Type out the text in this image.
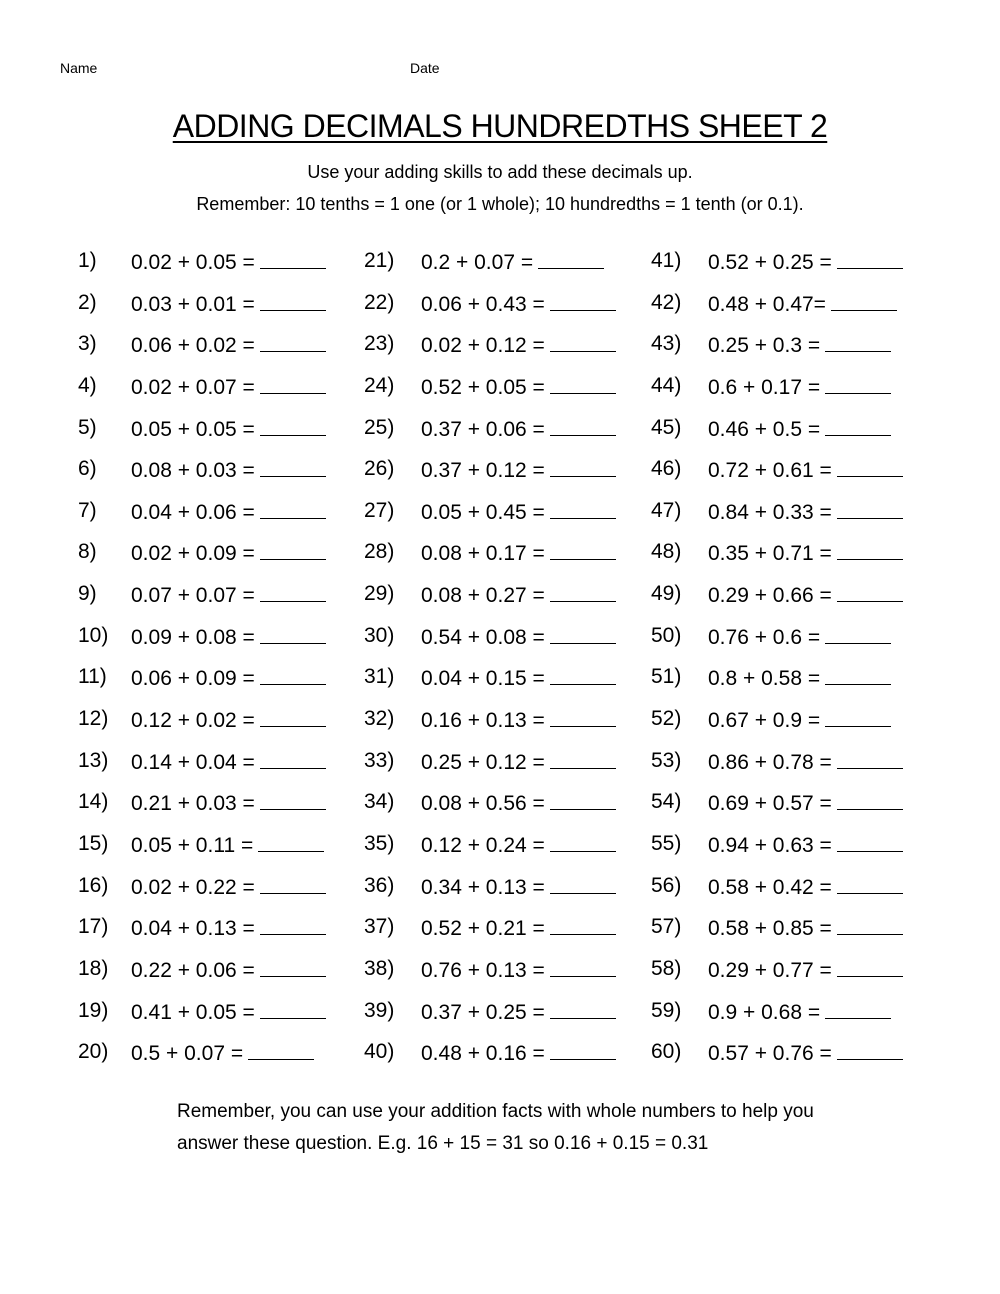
Name	Date
ADDING DECIMALS HUNDREDTHS SHEET 2
Use your adding skills to add these decimals up.
Remember: 10 tenths = 1 one (or 1 whole); 10 hundredths = 1 tenth (or 0.1).
1) 0.02 + 0.05 =
2) 0.03 + 0.01 =
3) 0.06 + 0.02 =
4) 0.02 + 0.07 =
5) 0.05 + 0.05 =
6) 0.08 + 0.03 =
7) 0.04 + 0.06 =
8) 0.02 + 0.09 =
9) 0.07 + 0.07 =
10) 0.09 + 0.08 =
11) 0.06 + 0.09 =
12) 0.12 + 0.02 =
13) 0.14 + 0.04 =
14) 0.21 + 0.03 =
15) 0.05 + 0.11 =
16) 0.02 + 0.22 =
17) 0.04 + 0.13 =
18) 0.22 + 0.06 =
19) 0.41 + 0.05 =
20) 0.5 + 0.07 =
21) 0.2 + 0.07 =
22) 0.06 + 0.43 =
23) 0.02 + 0.12 =
24) 0.52 + 0.05 =
25) 0.37 + 0.06 =
26) 0.37 + 0.12 =
27) 0.05 + 0.45 =
28) 0.08 + 0.17 =
29) 0.08 + 0.27 =
30) 0.54 + 0.08 =
31) 0.04 + 0.15 =
32) 0.16 + 0.13 =
33) 0.25 + 0.12 =
34) 0.08 + 0.56 =
35) 0.12 + 0.24 =
36) 0.34 + 0.13 =
37) 0.52 + 0.21 =
38) 0.76 + 0.13 =
39) 0.37 + 0.25 =
40) 0.48 + 0.16 =
41) 0.52 + 0.25 =
42) 0.48 + 0.47=
43) 0.25 + 0.3 =
44) 0.6 + 0.17 =
45) 0.46 + 0.5 =
46) 0.72 + 0.61 =
47) 0.84 + 0.33 =
48) 0.35 + 0.71 =
49) 0.29 + 0.66 =
50) 0.76 + 0.6 =
51) 0.8 + 0.58 =
52) 0.67 + 0.9 =
53) 0.86 + 0.78 =
54) 0.69 + 0.57 =
55) 0.94 + 0.63 =
56) 0.58 + 0.42 =
57) 0.58 + 0.85 =
58) 0.29 + 0.77 =
59) 0.9 + 0.68 =
60) 0.57 + 0.76 =
Remember, you can use your addition facts with whole numbers to help you
answer these question. E.g. 16 + 15 = 31 so 0.16 + 0.15 = 0.31
